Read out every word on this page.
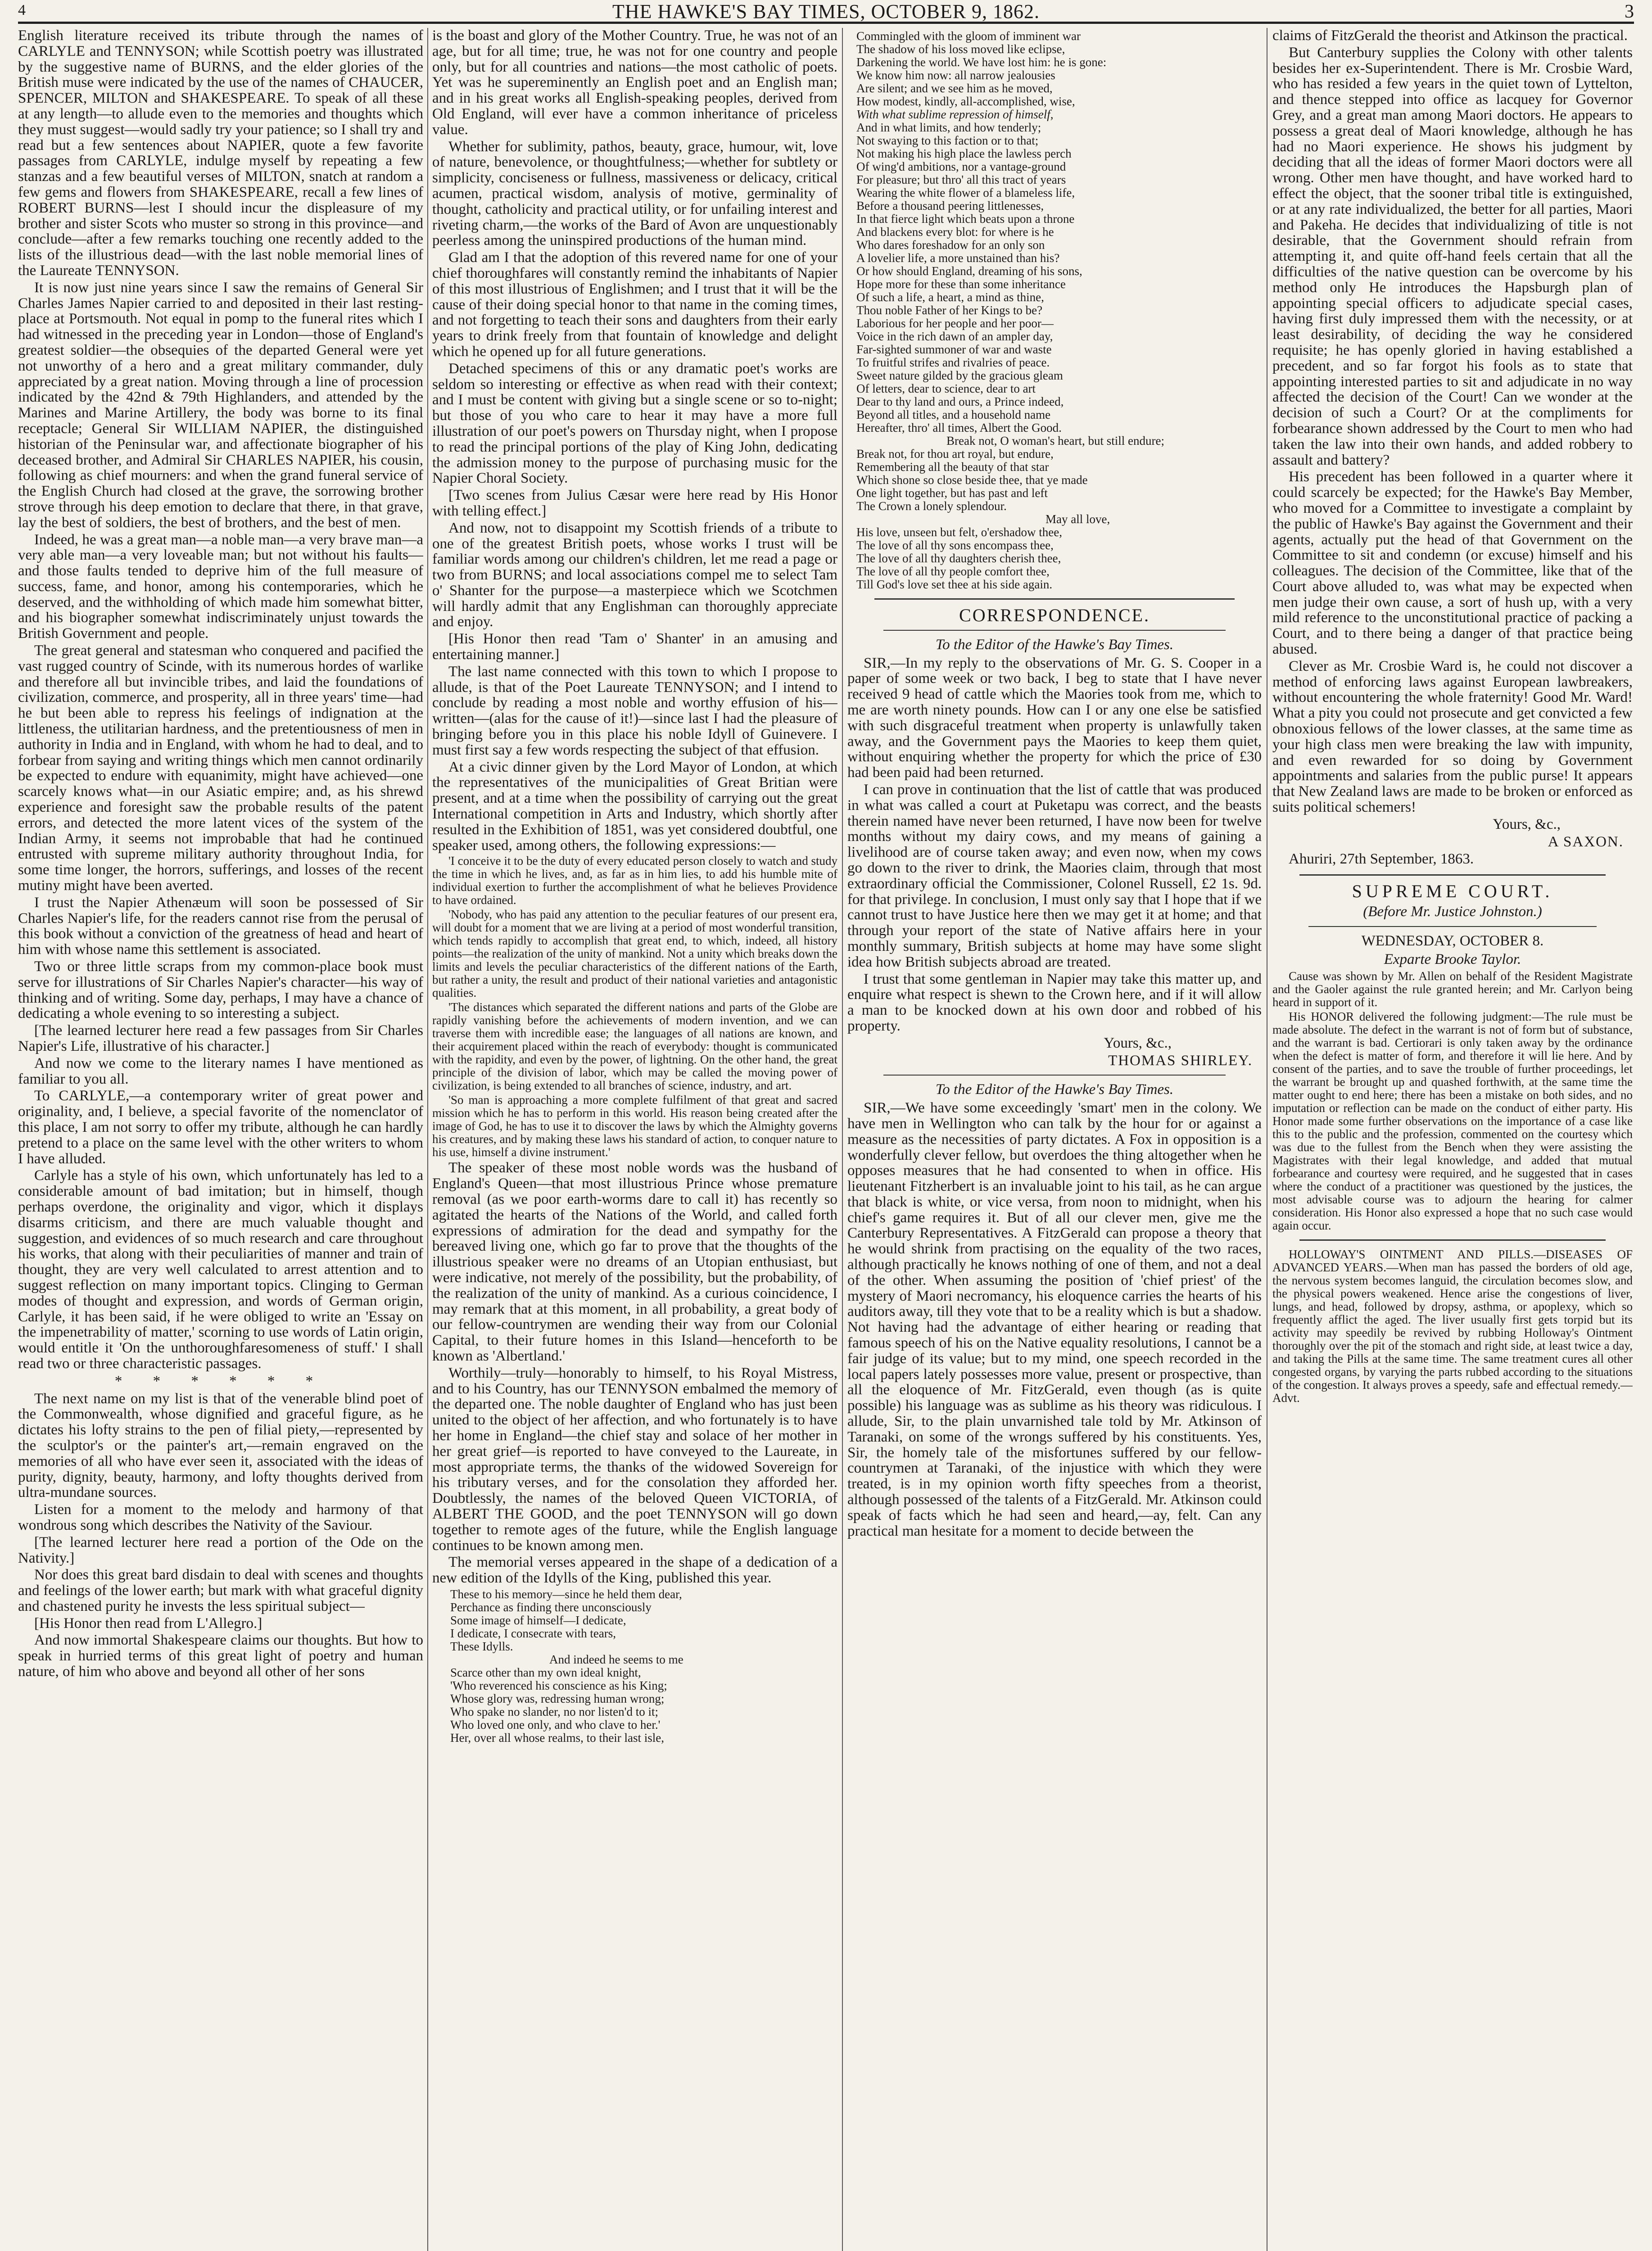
4	THE HAWKE'S BAY TIMES, OCTOBER 9, 1862.	3

English literature received its tribute through the names of CARLYLE and TENNYSON; while Scottish poetry was illustrated by the suggestive name of BURNS, and the elder glories of the British muse were indicated by the use of the names of CHAUCER, SPENCER, MILTON and SHAKESPEARE. To speak of all these at any length—to allude even to the memories and thoughts which they must suggest—would sadly try your patience; so I shall try and read but a few sentences about NAPIER, quote a few favorite passages from CARLYLE, indulge myself by repeating a few stanzas and a few beautiful verses of MILTON, snatch at random a few gems and flowers from SHAKESPEARE, recall a few lines of ROBERT BURNS—lest I should incur the displeasure of my brother and sister Scots who muster so strong in this province—and conclude—after a few remarks touching one recently added to the lists of the illustrious dead—with the last noble memorial lines of the Laureate TENNYSON.

It is now just nine years since I saw the remains of General Sir Charles James Napier carried to and deposited in their last resting-place at Portsmouth. Not equal in pomp to the funeral rites which I had witnessed in the preceding year in London—those of England's greatest soldier—the obsequies of the departed General were yet not unworthy of a hero and a great military commander, duly appreciated by a great nation. Moving through a line of procession indicated by the 42nd & 79th Highlanders, and attended by the Marines and Marine Artillery, the body was borne to its final receptacle; General Sir WILLIAM NAPIER, the distinguished historian of the Peninsular war, and affectionate biographer of his deceased brother, and Admiral Sir CHARLES NAPIER, his cousin, following as chief mourners: and when the grand funeral service of the English Church had closed at the grave, the sorrowing brother strove through his deep emotion to declare that there, in that grave, lay the best of soldiers, the best of brothers, and the best of men.

Indeed, he was a great man—a noble man—a very brave man—a very able man—a very loveable man; but not without his faults—and those faults tended to deprive him of the full measure of success, fame, and honor, among his contemporaries, which he deserved, and the withholding of which made him somewhat bitter, and his biographer somewhat indiscriminately unjust towards the British Government and people.

The great general and statesman who conquered and pacified the vast rugged country of Scinde, with its numerous hordes of warlike and therefore all but invincible tribes, and laid the foundations of civilization, commerce, and prosperity, all in three years' time—had he but been able to repress his feelings of indignation at the littleness, the utilitarian hardness, and the pretentiousness of men in authority in India and in England, with whom he had to deal, and to forbear from saying and writing things which men cannot ordinarily be expected to endure with equanimity, might have achieved—one scarcely knows what—in our Asiatic empire; and, as his shrewd experience and foresight saw the probable results of the patent errors, and detected the more latent vices of the system of the Indian Army, it seems not improbable that had he continued entrusted with supreme military authority throughout India, for some time longer, the horrors, sufferings, and losses of the recent mutiny might have been averted.

I trust the Napier Athenæum will soon be possessed of Sir Charles Napier's life, for the readers cannot rise from the perusal of this book without a conviction of the greatness of head and heart of him with whose name this settlement is associated.

Two or three little scraps from my common-place book must serve for illustrations of Sir Charles Napier's character—his way of thinking and of writing. Some day, perhaps, I may have a chance of dedicating a whole evening to so interesting a subject.

[The learned lecturer here read a few passages from Sir Charles Napier's Life, illustrative of his character.]

And now we come to the literary names I have mentioned as familiar to you all.

To CARLYLE,—a contemporary writer of great power and originality, and, I believe, a special favorite of the nomenclator of this place, I am not sorry to offer my tribute, although he can hardly pretend to a place on the same level with the other writers to whom I have alluded.

Carlyle has a style of his own, which unfortunately has led to a considerable amount of bad imitation; but in himself, though perhaps overdone, the originality and vigor, which it displays disarms criticism, and there are much valuable thought and suggestion, and evidences of so much research and care throughout his works, that along with their peculiarities of manner and train of thought, they are very well calculated to arrest attention and to suggest reflection on many important topics. Clinging to German modes of thought and expression, and words of German origin, Carlyle, it has been said, if he were obliged to write an 'Essay on the impenetrability of matter,' scorning to use words of Latin origin, would entitle it 'On the unthoroughfaresomeness of stuff.' I shall read two or three characteristic passages.

* * * * * *

The next name on my list is that of the venerable blind poet of the Commonwealth, whose dignified and graceful figure, as he dictates his lofty strains to the pen of filial piety,—represented by the sculptor's or the painter's art,—remain engraved on the memories of all who have ever seen it, associated with the ideas of purity, dignity, beauty, harmony, and lofty thoughts derived from ultra-mundane sources.

Listen for a moment to the melody and harmony of that wondrous song which describes the Nativity of the Saviour.

[The learned lecturer here read a portion of the Ode on the Nativity.]

Nor does this great bard disdain to deal with scenes and thoughts and feelings of the lower earth; but mark with what graceful dignity and chastened purity he invests the less spiritual subject—

[His Honor then read from L'Allegro.]

And now immortal Shakespeare claims our thoughts. But how to speak in hurried terms of this great light of poetry and human nature, of him who above and beyond all other of her sons

is the boast and glory of the Mother Country. True, he was not of an age, but for all time; true, he was not for one country and people only, but for all countries and nations—the most catholic of poets. Yet was he supereminently an English poet and an English man; and in his great works all English-speaking peoples, derived from Old England, will ever have a common inheritance of priceless value.

Whether for sublimity, pathos, beauty, grace, humour, wit, love of nature, benevolence, or thoughtfulness;—whether for subtlety or simplicity, conciseness or fullness, massiveness or delicacy, critical acumen, practical wisdom, analysis of motive, germinality of thought, catholicity and practical utility, or for unfailing interest and riveting charm,—the works of the Bard of Avon are unquestionably peerless among the uninspired productions of the human mind.

Glad am I that the adoption of this revered name for one of your chief thoroughfares will constantly remind the inhabitants of Napier of this most illustrious of Englishmen; and I trust that it will be the cause of their doing special honor to that name in the coming times, and not forgetting to teach their sons and daughters from their early years to drink freely from that fountain of knowledge and delight which he opened up for all future generations.

Detached specimens of this or any dramatic poet's works are seldom so interesting or effective as when read with their context; and I must be content with giving but a single scene or so to-night; but those of you who care to hear it may have a more full illustration of our poet's powers on Thursday night, when I propose to read the principal portions of the play of King John, dedicating the admission money to the purpose of purchasing music for the Napier Choral Society.

[Two scenes from Julius Cæsar were here read by His Honor with telling effect.]

And now, not to disappoint my Scottish friends of a tribute to one of the greatest British poets, whose works I trust will be familiar words among our children's children, let me read a page or two from BURNS; and local associations compel me to select Tam o' Shanter for the purpose—a masterpiece which we Scotchmen will hardly admit that any Englishman can thoroughly appreciate and enjoy.

[His Honor then read 'Tam o' Shanter' in an amusing and entertaining manner.]

The last name connected with this town to which I propose to allude, is that of the Poet Laureate TENNYSON; and I intend to conclude by reading a most noble and worthy effusion of his—written—(alas for the cause of it!)—since last I had the pleasure of bringing before you in this place his noble Idyll of Guinevere. I must first say a few words respecting the subject of that effusion.

At a civic dinner given by the Lord Mayor of London, at which the representatives of the municipalities of Great Britian were present, and at a time when the possibility of carrying out the great International competition in Arts and Industry, which shortly after resulted in the Exhibition of 1851, was yet considered doubtful, one speaker used, among others, the following expressions:—

'I conceive it to be the duty of every educated person closely to watch and study the time in which he lives, and, as far as in him lies, to add his humble mite of individual exertion to further the accomplishment of what he believes Providence to have ordained.

'Nobody, who has paid any attention to the peculiar features of our present era, will doubt for a moment that we are living at a period of most wonderful transition, which tends rapidly to accomplish that great end, to which, indeed, all history points—the realization of the unity of mankind. Not a unity which breaks down the limits and levels the peculiar characteristics of the different nations of the Earth, but rather a unity, the result and product of their national varieties and antagonistic qualities.

'The distances which separated the different nations and parts of the Globe are rapidly vanishing before the achievements of modern invention, and we can traverse them with incredible ease; the languages of all nations are known, and their acquirement placed within the reach of everybody: thought is communicated with the rapidity, and even by the power, of lightning. On the other hand, the great principle of the division of labor, which may be called the moving power of civilization, is being extended to all branches of science, industry, and art.

'So man is approaching a more complete fulfilment of that great and sacred mission which he has to perform in this world. His reason being created after the image of God, he has to use it to discover the laws by which the Almighty governs his creatures, and by making these laws his standard of action, to conquer nature to his use, himself a divine instrument.'

The speaker of these most noble words was the husband of England's Queen—that most illustrious Prince whose premature removal (as we poor earth-worms dare to call it) has recently so agitated the hearts of the Nations of the World, and called forth expressions of admiration for the dead and sympathy for the bereaved living one, which go far to prove that the thoughts of the illustrious speaker were no dreams of an Utopian enthusiast, but were indicative, not merely of the possibility, but the probability, of the realization of the unity of mankind. As a curious coincidence, I may remark that at this moment, in all probability, a great body of our fellow-countrymen are wending their way from our Colonial Capital, to their future homes in this Island—henceforth to be known as 'Albertland.'

Worthily—truly—honorably to himself, to his Royal Mistress, and to his Country, has our TENNYSON embalmed the memory of the departed one. The noble daughter of England who has just been united to the object of her affection, and who fortunately is to have her home in England—the chief stay and solace of her mother in her great grief—is reported to have conveyed to the Laureate, in most appropriate terms, the thanks of the widowed Sovereign for his tributary verses, and for the consolation they afforded her. Doubtlessly, the names of the beloved Queen VICTORIA, of ALBERT THE GOOD, and the poet TENNYSON will go down together to remote ages of the future, while the English language continues to be known among men.

The memorial verses appeared in the shape of a dedication of a new edition of the Idylls of the King, published this year.

These to his memory—since he held them dear,

Perchance as finding there unconsciously

Some image of himself—I dedicate,

I dedicate, I consecrate with tears,

These Idylls.

And indeed he seems to me

Scarce other than my own ideal knight,

'Who reverenced his conscience as his King;

Whose glory was, redressing human wrong;

Who spake no slander, no nor listen'd to it;

Who loved one only, and who clave to her.'

Her, over all whose realms, to their last isle,

Commingled with the gloom of imminent war

The shadow of his loss moved like eclipse,

Darkening the world. We have lost him: he is gone:

We know him now: all narrow jealousies

Are silent; and we see him as he moved,

How modest, kindly, all-accomplished, wise,

With what sublime repression of himself,

And in what limits, and how tenderly;

Not swaying to this faction or to that;

Not making his high place the lawless perch

Of wing'd ambitions, nor a vantage-ground

For pleasure; but thro' all this tract of years

Wearing the white flower of a blameless life,

Before a thousand peering littlenesses,

In that fierce light which beats upon a throne

And blackens every blot: for where is he

Who dares foreshadow for an only son

A lovelier life, a more unstained than his?

Or how should England, dreaming of his sons,

Hope more for these than some inheritance

Of such a life, a heart, a mind as thine,

Thou noble Father of her Kings to be?

Laborious for her people and her poor—

Voice in the rich dawn of an ampler day,

Far-sighted summoner of war and waste

To fruitful strifes and rivalries of peace.

Sweet nature gilded by the gracious gleam

Of letters, dear to science, dear to art

Dear to thy land and ours, a Prince indeed,

Beyond all titles, and a household name

Hereafter, thro' all times, Albert the Good.

Break not, O woman's heart, but still endure;

Break not, for thou art royal, but endure,

Remembering all the beauty of that star

Which shone so close beside thee, that ye made

One light together, but has past and left

The Crown a lonely splendour.

May all love,

His love, unseen but felt, o'ershadow thee,

The love of all thy sons encompass thee,

The love of all thy daughters cherish thee,

The love of all thy people comfort thee,

Till God's love set thee at his side again.

CORRESPONDENCE.
To the Editor of the Hawke's Bay Times.

SIR,—In my reply to the observations of Mr. G. S. Cooper in a paper of some week or two back, I beg to state that I have never received 9 head of cattle which the Maories took from me, which to me are worth ninety pounds. How can I or any one else be satisfied with such disgraceful treatment when property is unlawfully taken away, and the Government pays the Maories to keep them quiet, without enquiring whether the property for which the price of £30 had been paid had been returned.

I can prove in continuation that the list of cattle that was produced in what was called a court at Puketapu was correct, and the beasts therein named have never been returned, I have now been for twelve months without my dairy cows, and my means of gaining a livelihood are of course taken away; and even now, when my cows go down to the river to drink, the Maories claim, through that most extraordinary official the Commissioner, Colonel Russell, £2 1s. 9d. for that privilege. In conclusion, I must only say that I hope that if we cannot trust to have Justice here then we may get it at home; and that through your report of the state of Native affairs here in your monthly summary, British subjects at home may have some slight idea how British subjects abroad are treated.

I trust that some gentleman in Napier may take this matter up, and enquire what respect is shewn to the Crown here, and if it will allow a man to be knocked down at his own door and robbed of his property.

Yours, &c.,
THOMAS SHIRLEY.
To the Editor of the Hawke's Bay Times.

SIR,—We have some exceedingly 'smart' men in the colony. We have men in Wellington who can talk by the hour for or against a measure as the necessities of party dictates. A Fox in opposition is a wonderfully clever fellow, but overdoes the thing altogether when he opposes measures that he had consented to when in office. His lieutenant Fitzherbert is an invaluable joint to his tail, as he can argue that black is white, or vice versa, from noon to midnight, when his chief's game requires it. But of all our clever men, give me the Canterbury Representatives. A FitzGerald can propose a theory that he would shrink from practising on the equality of the two races, although practically he knows nothing of one of them, and not a deal of the other. When assuming the position of 'chief priest' of the mystery of Maori necromancy, his eloquence carries the hearts of his auditors away, till they vote that to be a reality which is but a shadow. Not having had the advantage of either hearing or reading that famous speech of his on the Native equality resolutions, I cannot be a fair judge of its value; but to my mind, one speech recorded in the local papers lately possesses more value, present or prospective, than all the eloquence of Mr. FitzGerald, even though (as is quite possible) his language was as sublime as his theory was ridiculous. I allude, Sir, to the plain unvarnished tale told by Mr. Atkinson of Taranaki, on some of the wrongs suffered by his constituents. Yes, Sir, the homely tale of the misfortunes suffered by our fellow-countrymen at Taranaki, of the injustice with which they were treated, is in my opinion worth fifty speeches from a theorist, although possessed of the talents of a FitzGerald. Mr. Atkinson could speak of facts which he had seen and heard,—ay, felt. Can any practical man hesitate for a moment to decide between the

claims of FitzGerald the theorist and Atkinson the practical.

But Canterbury supplies the Colony with other talents besides her ex-Superintendent. There is Mr. Crosbie Ward, who has resided a few years in the quiet town of Lyttelton, and thence stepped into office as lacquey for Governor Grey, and a great man among Maori doctors. He appears to possess a great deal of Maori knowledge, although he has had no Maori experience. He shows his judgment by deciding that all the ideas of former Maori doctors were all wrong. Other men have thought, and have worked hard to effect the object, that the sooner tribal title is extinguished, or at any rate individualized, the better for all parties, Maori and Pakeha. He decides that individualizing of title is not desirable, that the Government should refrain from attempting it, and quite off-hand feels certain that all the difficulties of the native question can be overcome by his method only He introduces the Hapsburgh plan of appointing special officers to adjudicate special cases, having first duly impressed them with the necessity, or at least desirability, of deciding the way he considered requisite; he has openly gloried in having established a precedent, and so far forgot his fools as to state that appointing interested parties to sit and adjudicate in no way affected the decision of the Court! Can we wonder at the decision of such a Court? Or at the compliments for forbearance shown addressed by the Court to men who had taken the law into their own hands, and added robbery to assault and battery?

His precedent has been followed in a quarter where it could scarcely be expected; for the Hawke's Bay Member, who moved for a Committee to investigate a complaint by the public of Hawke's Bay against the Government and their agents, actually put the head of that Government on the Committee to sit and condemn (or excuse) himself and his colleagues. The decision of the Committee, like that of the Court above alluded to, was what may be expected when men judge their own cause, a sort of hush up, with a very mild reference to the unconstitutional practice of packing a Court, and to there being a danger of that practice being abused.

Clever as Mr. Crosbie Ward is, he could not discover a method of enforcing laws against European lawbreakers, without encountering the whole fraternity! Good Mr. Ward! What a pity you could not prosecute and get convicted a few obnoxious fellows of the lower classes, at the same time as your high class men were breaking the law with impunity, and even rewarded for so doing by Government appointments and salaries from the public purse! It appears that New Zealand laws are made to be broken or enforced as suits political schemers!

Yours, &c.,
A SAXON.

Ahuriri, 27th September, 1863.

SUPREME COURT.
(Before Mr. Justice Johnston.)
WEDNESDAY, OCTOBER 8.
Exparte Brooke Taylor.

Cause was shown by Mr. Allen on behalf of the Resident Magistrate and the Gaoler against the rule granted herein; and Mr. Carlyon being heard in support of it.

His HONOR delivered the following judgment:—The rule must be made absolute. The defect in the warrant is not of form but of substance, and the warrant is bad. Certiorari is only taken away by the ordinance when the defect is matter of form, and therefore it will lie here. And by consent of the parties, and to save the trouble of further proceedings, let the warrant be brought up and quashed forthwith, at the same time the matter ought to end here; there has been a mistake on both sides, and no imputation or reflection can be made on the conduct of either party. His Honor made some further observations on the importance of a case like this to the public and the profession, commented on the courtesy which was due to the fullest from the Bench when they were assisting the Magistrates with their legal knowledge, and added that mutual forbearance and courtesy were required, and he suggested that in cases where the conduct of a practitioner was questioned by the justices, the most advisable course was to adjourn the hearing for calmer consideration. His Honor also expressed a hope that no such case would again occur.

HOLLOWAY'S OINTMENT AND PILLS.—DISEASES OF ADVANCED YEARS.—When man has passed the borders of old age, the nervous system becomes languid, the circulation becomes slow, and the physical powers weakened. Hence arise the congestions of liver, lungs, and head, followed by dropsy, asthma, or apoplexy, which so frequently afflict the aged. The liver usually first gets torpid but its activity may speedily be revived by rubbing Holloway's Ointment thoroughly over the pit of the stomach and right side, at least twice a day, and taking the Pills at the same time. The same treatment cures all other congested organs, by varying the parts rubbed according to the situations of the congestion. It always proves a speedy, safe and effectual remedy.—Advt.
